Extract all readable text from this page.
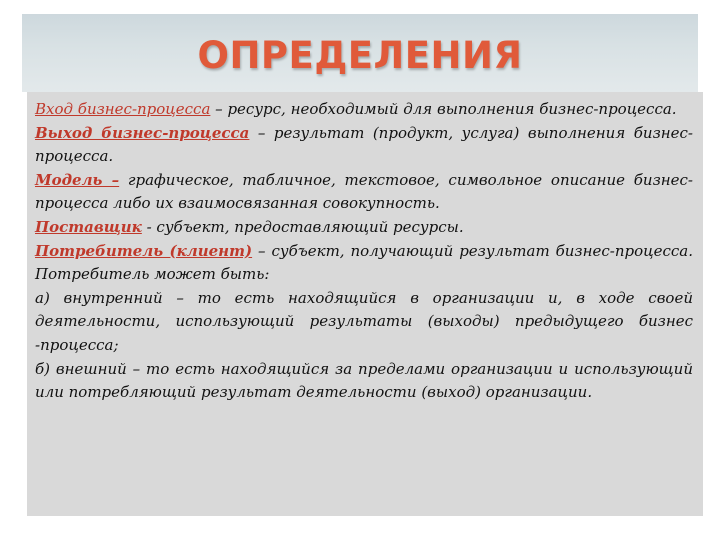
ОПРЕДЕЛЕНИЯ

Вход бизнес-процесса – ресурс, необходимый для выполнения бизнес-процесса.

Выход бизнес-процесса – результат (продукт, услуга) выполнения бизнес-процесса.

Модель – графическое, табличное, текстовое, символьное описание бизнес-процесса либо их взаимосвязанная совокупность.

Поставщик - субъект, предоставляющий ресурсы.

Потребитель (клиент) – субъект, получающий результат бизнес-процесса. Потребитель может быть:

а) внутренний – то есть находящийся в организации и, в ходе своей деятельности, использующий результаты (выходы) предыдущего бизнес -процесса;

б) внешний – то есть находящийся за пределами организации и использующий или потребляющий результат деятельности (выход) организации.
